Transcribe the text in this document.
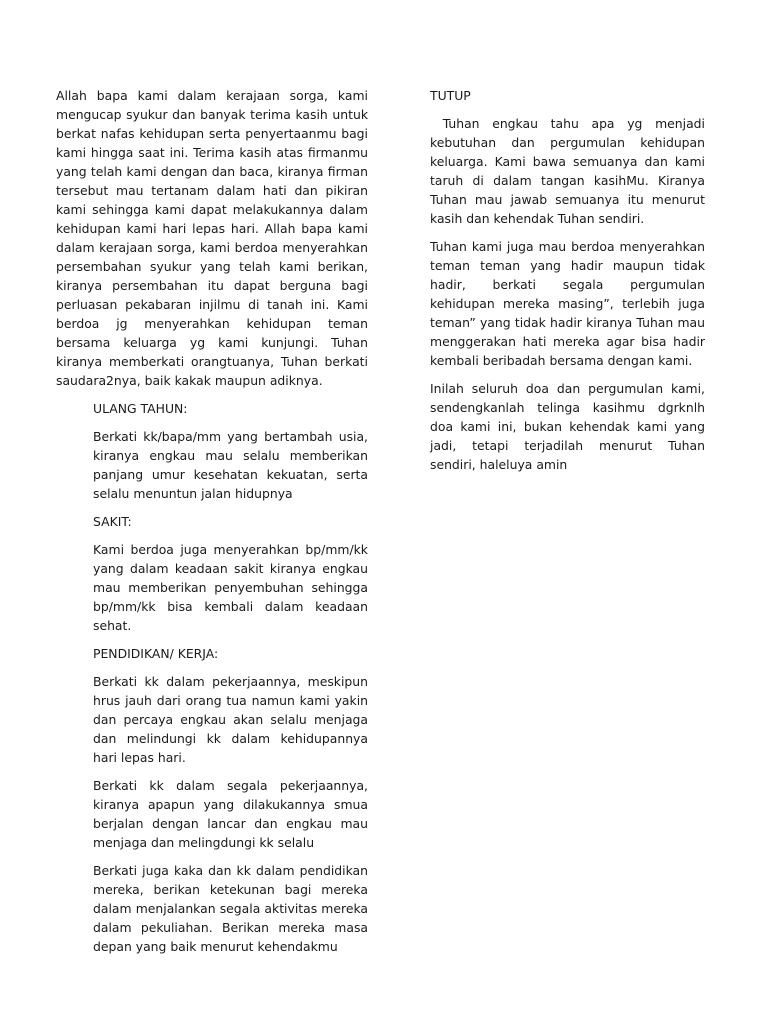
Allah bapa kami dalam kerajaan sorga, kami mengucap syukur dan banyak terima kasih untuk berkat nafas kehidupan serta penyertaanmu bagi kami hingga saat ini. Terima kasih atas firmanmu yang telah kami dengan dan baca, kiranya firman tersebut mau tertanam dalam hati dan pikiran kami sehingga kami dapat melakukannya dalam kehidupan kami hari lepas hari. Allah bapa kami dalam kerajaan sorga, kami berdoa menyerahkan persembahan syukur yang telah kami berikan, kiranya persembahan itu dapat berguna bagi perluasan pekabaran injilmu di tanah ini. Kami berdoa jg menyerahkan kehidupan teman bersama keluarga yg kami kunjungi. Tuhan kiranya memberkati orangtuanya, Tuhan berkati saudara2nya, baik kakak maupun adiknya.

ULANG TAHUN:

Berkati kk/bapa/mm yang bertambah usia, kiranya engkau mau selalu memberikan panjang umur kesehatan kekuatan, serta selalu menuntun jalan hidupnya

SAKIT:

Kami berdoa juga menyerahkan bp/mm/kk yang dalam keadaan sakit kiranya engkau mau memberikan penyembuhan sehingga bp/mm/kk bisa kembali dalam keadaan sehat.

PENDIDIKAN/ KERJA:

Berkati kk dalam pekerjaannya, meskipun hrus jauh dari orang tua namun kami yakin dan percaya engkau akan selalu menjaga dan melindungi kk dalam kehidupannya hari lepas hari.

Berkati kk dalam segala pekerjaannya, kiranya apapun yang dilakukannya smua berjalan dengan lancar dan engkau mau menjaga dan melingdungi kk selalu

Berkati juga kaka dan kk dalam pendidikan mereka, berikan ketekunan bagi mereka dalam menjalankan segala aktivitas mereka dalam pekuliahan. Berikan mereka masa depan yang baik menurut kehendakmu

TUTUP

Tuhan engkau tahu apa yg menjadi kebutuhan dan pergumulan kehidupan keluarga. Kami bawa semuanya dan kami taruh di dalam tangan kasihMu. Kiranya Tuhan mau jawab semuanya itu menurut kasih dan kehendak Tuhan sendiri.

Tuhan kami juga mau berdoa menyerahkan teman teman yang hadir maupun tidak hadir, berkati segala pergumulan kehidupan mereka masing”, terlebih juga teman” yang tidak hadir kiranya Tuhan mau menggerakan hati mereka agar bisa hadir kembali beribadah bersama dengan kami.

Inilah seluruh doa dan pergumulan kami, sendengkanlah telinga kasihmu dgrknlh doa kami ini, bukan kehendak kami yang jadi, tetapi terjadilah menurut Tuhan sendiri, haleluya amin
